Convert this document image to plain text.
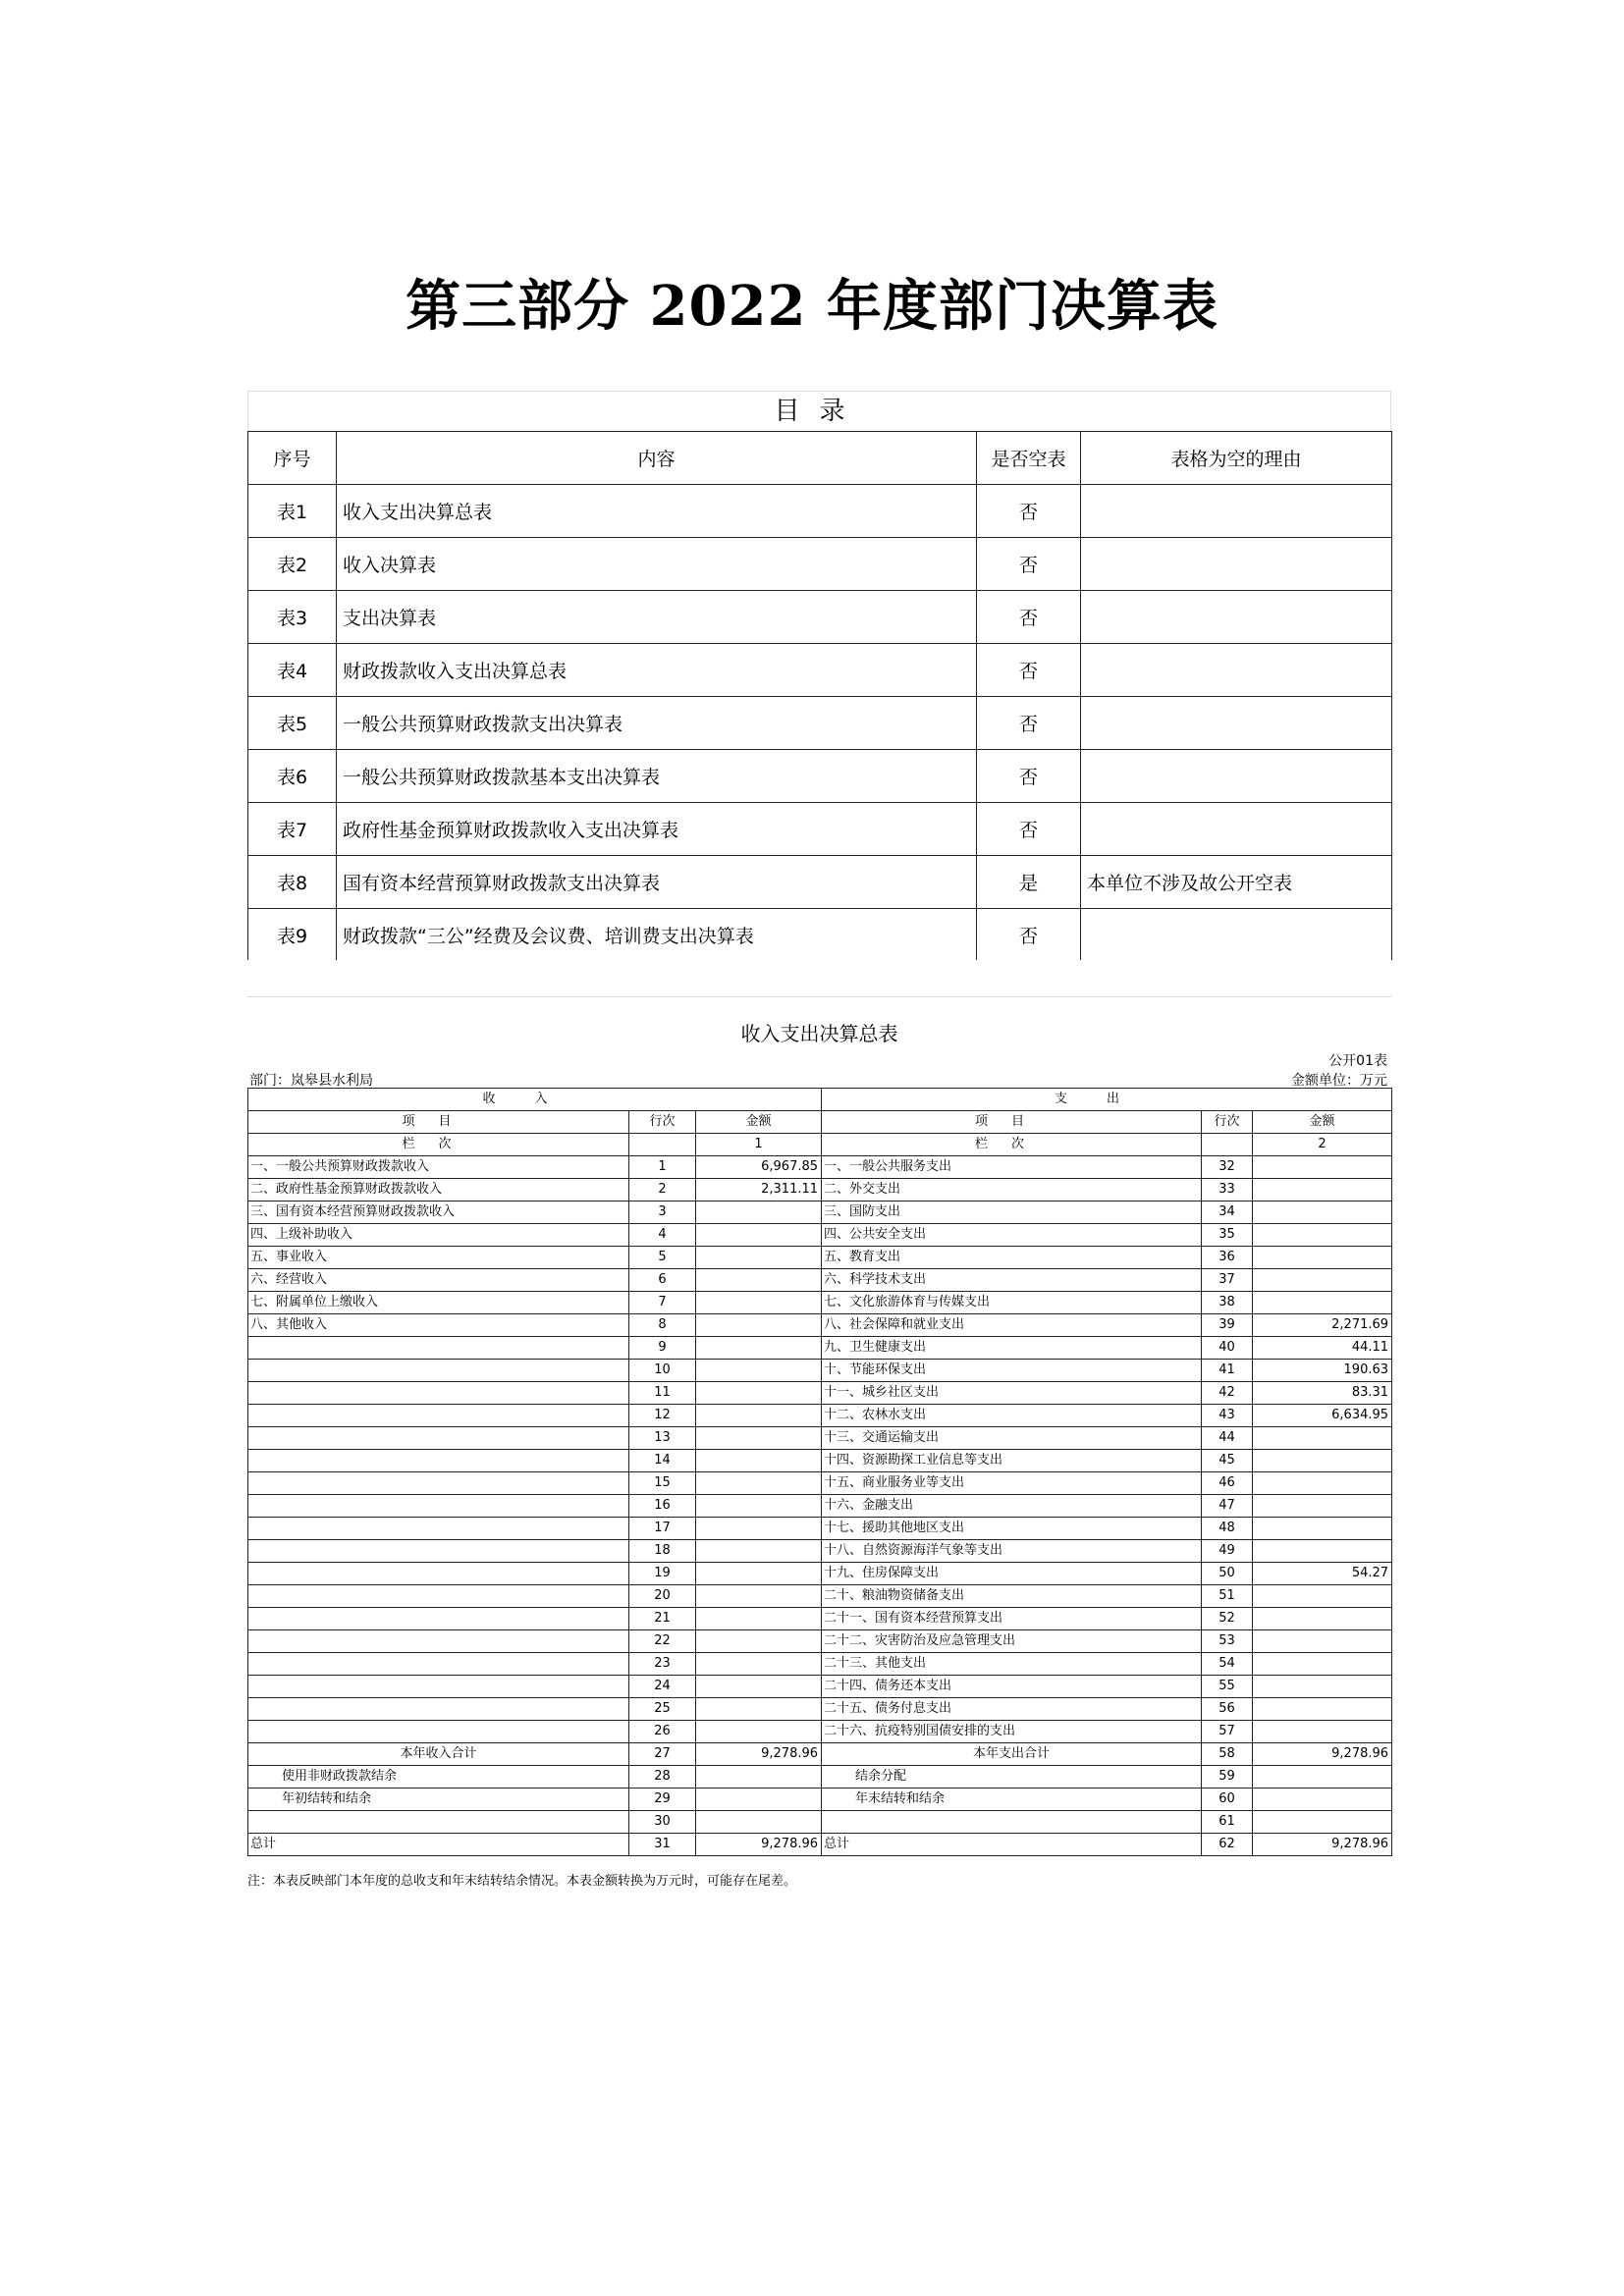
第三部分 2022 年度部门决算表
目录
序号	内容	是否空表	表格为空的理由
表1	收入支出决算总表	否	
表2	收入决算表	否	
表3	支出决算表	否	
表4	财政拨款收入支出决算总表	否	
表5	一般公共预算财政拨款支出决算表	否	
表6	一般公共预算财政拨款基本支出决算表	否	
表7	政府性基金预算财政拨款收入支出决算表	否	
表8	国有资本经营预算财政拨款支出决算表	是	本单位不涉及故公开空表
表9	财政拨款“三公”经费及会议费、培训费支出决算表	否	
收入支出决算总表
公开01表
部门：岚皋县水利局	金额单位：万元
收入			支出		
项目	行次	金额	项目	行次	金额
栏次		1	栏次		2
一、一般公共预算财政拨款收入	1	6,967.85	一、一般公共服务支出	32	
二、政府性基金预算财政拨款收入	2	2,311.11	二、外交支出	33	
三、国有资本经营预算财政拨款收入	3		三、国防支出	34	
四、上级补助收入	4		四、公共安全支出	35	
五、事业收入	5		五、教育支出	36	
六、经营收入	6		六、科学技术支出	37	
七、附属单位上缴收入	7		七、文化旅游体育与传媒支出	38	
八、其他收入	8		八、社会保障和就业支出	39	2,271.69
	9		九、卫生健康支出	40	44.11
	10		十、节能环保支出	41	190.63
	11		十一、城乡社区支出	42	83.31
	12		十二、农林水支出	43	6,634.95
	13		十三、交通运输支出	44	
	14		十四、资源勘探工业信息等支出	45	
	15		十五、商业服务业等支出	46	
	16		十六、金融支出	47	
	17		十七、援助其他地区支出	48	
	18		十八、自然资源海洋气象等支出	49	
	19		十九、住房保障支出	50	54.27
	20		二十、粮油物资储备支出	51	
	21		二十一、国有资本经营预算支出	52	
	22		二十二、灾害防治及应急管理支出	53	
	23		二十三、其他支出	54	
	24		二十四、债务还本支出	55	
	25		二十五、债务付息支出	56	
	26		二十六、抗疫特别国债安排的支出	57	
本年收入合计	27	9,278.96	本年支出合计	58	9,278.96
使用非财政拨款结余	28		结余分配	59	
年初结转和结余	29		年末结转和结余	60	
	30			61	
总计	31	9,278.96	总计	62	9,278.96
注：本表反映部门本年度的总收支和年末结转结余情况。本表金额转换为万元时，可能存在尾差。
